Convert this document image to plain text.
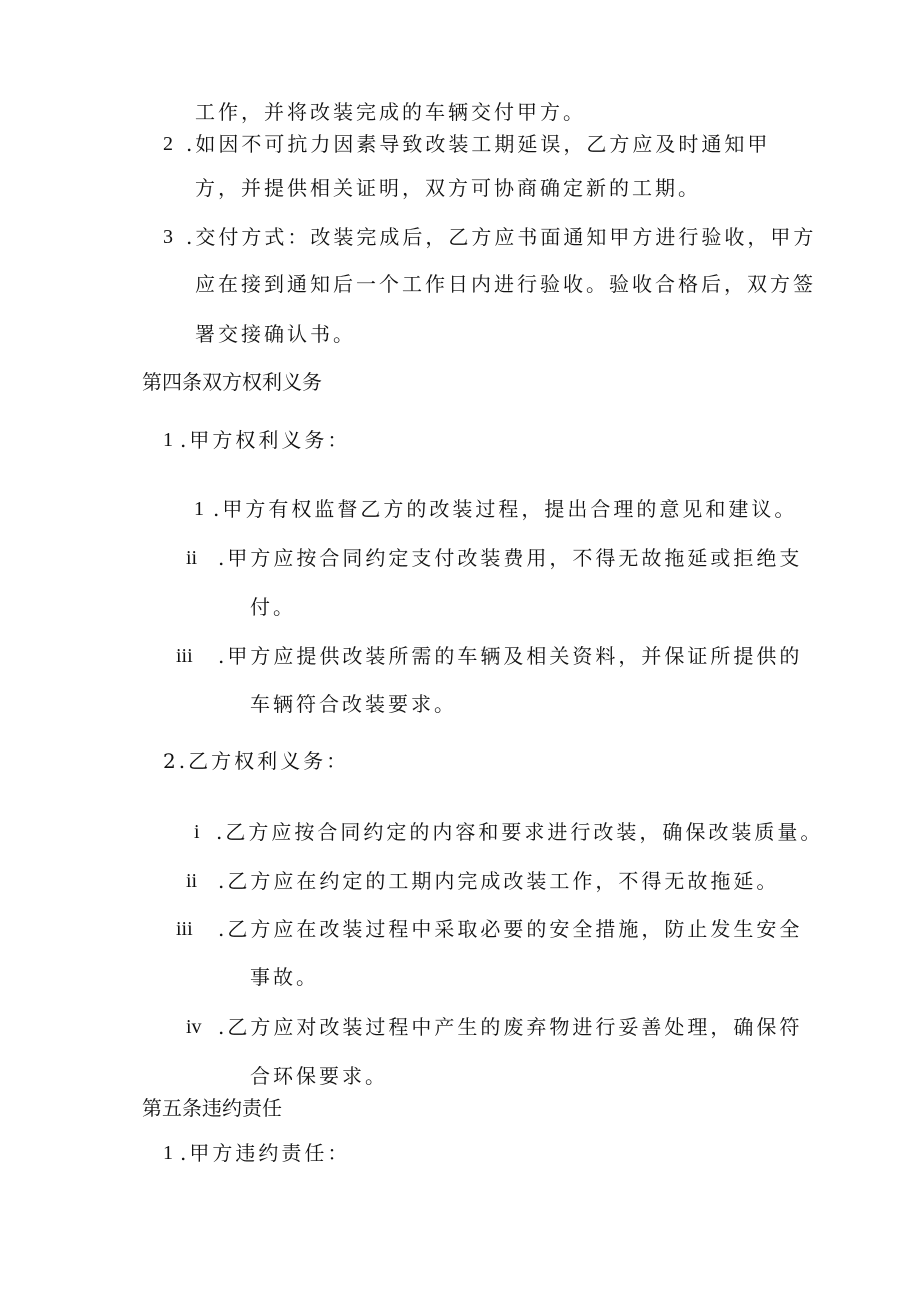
工作，并将改装完成的车辆交付甲方。
2 .如因不可抗力因素导致改装工期延误，乙方应及时通知甲
方，并提供相关证明，双方可协商确定新的工期。
3 .交付方式：改装完成后，乙方应书面通知甲方进行验收，甲方
应在接到通知后一个工作日内进行验收。验收合格后，双方签
署交接确认书。
第四条双方权利义务
1 .甲方权利义务：
1 .甲方有权监督乙方的改装过程，提出合理的意见和建议。
ii .甲方应按合同约定支付改装费用，不得无故拖延或拒绝支
付。
iii .甲方应提供改装所需的车辆及相关资料，并保证所提供的
车辆符合改装要求。
2.乙方权利义务：
i .乙方应按合同约定的内容和要求进行改装，确保改装质量。
ii .乙方应在约定的工期内完成改装工作，不得无故拖延。
iii .乙方应在改装过程中采取必要的安全措施，防止发生安全
事故。
iv .乙方应对改装过程中产生的废弃物进行妥善处理，确保符
合环保要求。
第五条违约责任
1 .甲方违约责任：
